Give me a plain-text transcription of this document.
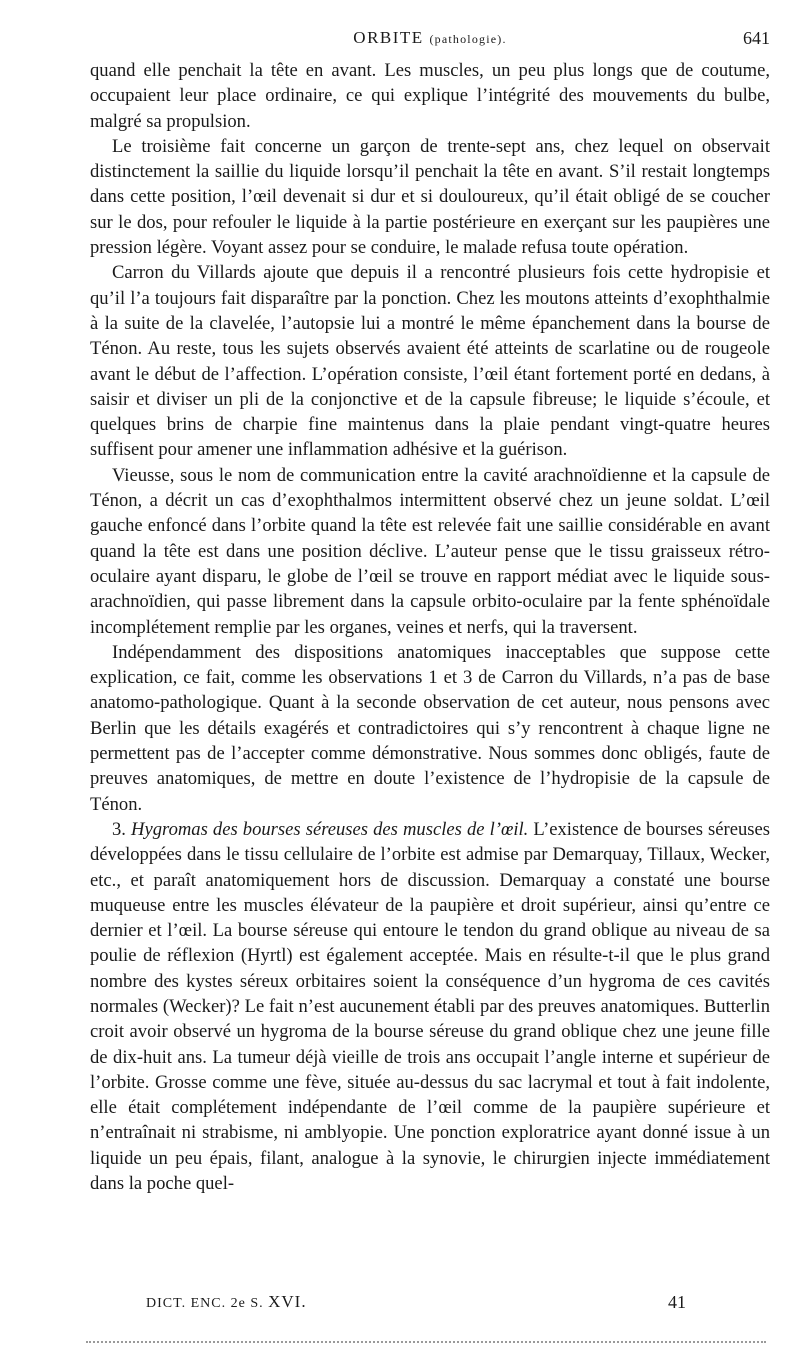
ORBITE (pathologie).	641

quand elle penchait la tête en avant. Les muscles, un peu plus longs que de coutume, occupaient leur place ordinaire, ce qui explique l’intégrité des mouvements du bulbe, malgré sa propulsion.

Le troisième fait concerne un garçon de trente-sept ans, chez lequel on observait distinctement la saillie du liquide lorsqu’il penchait la tête en avant. S’il restait longtemps dans cette position, l’œil devenait si dur et si douloureux, qu’il était obligé de se coucher sur le dos, pour refouler le liquide à la partie postérieure en exerçant sur les paupières une pression légère. Voyant assez pour se conduire, le malade refusa toute opération.

Carron du Villards ajoute que depuis il a rencontré plusieurs fois cette hydropisie et qu’il l’a toujours fait disparaître par la ponction. Chez les moutons atteints d’exophthalmie à la suite de la clavelée, l’autopsie lui a montré le même épanchement dans la bourse de Ténon. Au reste, tous les sujets observés avaient été atteints de scarlatine ou de rougeole avant le début de l’affection. L’opération consiste, l’œil étant fortement porté en dedans, à saisir et diviser un pli de la conjonctive et de la capsule fibreuse; le liquide s’écoule, et quelques brins de charpie fine maintenus dans la plaie pendant vingt-quatre heures suffisent pour amener une inflammation adhésive et la guérison.

Vieusse, sous le nom de communication entre la cavité arachnoïdienne et la capsule de Ténon, a décrit un cas d’exophthalmos intermittent observé chez un jeune soldat. L’œil gauche enfoncé dans l’orbite quand la tête est relevée fait une saillie considérable en avant quand la tête est dans une position déclive. L’auteur pense que le tissu graisseux rétro-oculaire ayant disparu, le globe de l’œil se trouve en rapport médiat avec le liquide sous-arachnoïdien, qui passe librement dans la capsule orbito-oculaire par la fente sphénoïdale incomplétement remplie par les organes, veines et nerfs, qui la traversent.

Indépendamment des dispositions anatomiques inacceptables que suppose cette explication, ce fait, comme les observations 1 et 3 de Carron du Villards, n’a pas de base anatomo-pathologique. Quant à la seconde observation de cet auteur, nous pensons avec Berlin que les détails exagérés et contradictoires qui s’y rencontrent à chaque ligne ne permettent pas de l’accepter comme démonstrative. Nous sommes donc obligés, faute de preuves anatomiques, de mettre en doute l’existence de l’hydropisie de la capsule de Ténon.

3. Hygromas des bourses séreuses des muscles de l’œil. L’existence de bourses séreuses développées dans le tissu cellulaire de l’orbite est admise par Demarquay, Tillaux, Wecker, etc., et paraît anatomiquement hors de discussion. Demarquay a constaté une bourse muqueuse entre les muscles élévateur de la paupière et droit supérieur, ainsi qu’entre ce dernier et l’œil. La bourse séreuse qui entoure le tendon du grand oblique au niveau de sa poulie de réflexion (Hyrtl) est également acceptée. Mais en résulte-t-il que le plus grand nombre des kystes séreux orbitaires soient la conséquence d’un hygroma de ces cavités normales (Wecker)? Le fait n’est aucunement établi par des preuves anatomiques. Butterlin croit avoir observé un hygroma de la bourse séreuse du grand oblique chez une jeune fille de dix-huit ans. La tumeur déjà vieille de trois ans occupait l’angle interne et supérieur de l’orbite. Grosse comme une fève, située au-dessus du sac lacrymal et tout à fait indolente, elle était complétement indépendante de l’œil comme de la paupière supérieure et n’entraînait ni strabisme, ni amblyopie. Une ponction exploratrice ayant donné issue à un liquide un peu épais, filant, analogue à la synovie, le chirurgien injecte immédiatement dans la poche quel-

DICT. ENC. 2e S. XVI.	41
